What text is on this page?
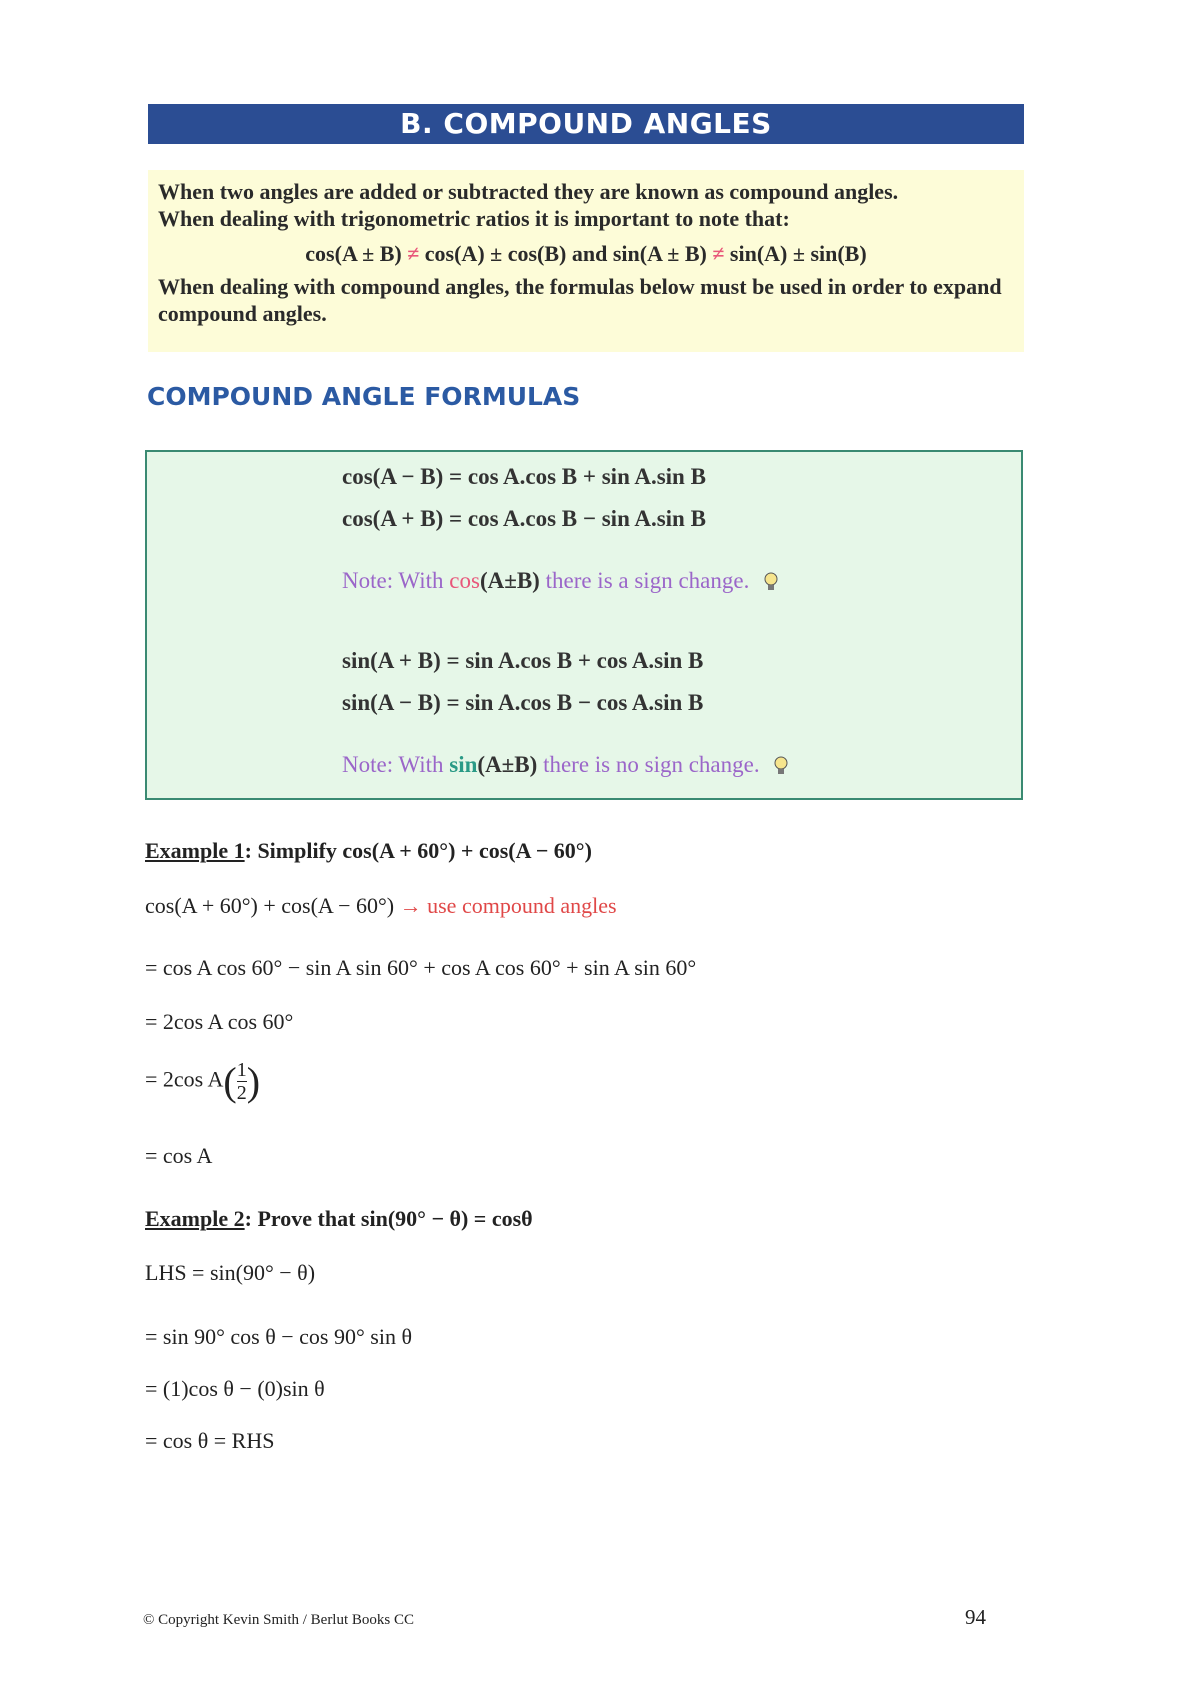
B. COMPOUND ANGLES

When two angles are added or subtracted they are known as compound angles.

When dealing with trigonometric ratios it is important to note that:

cos(A ± B) ≠ cos(A) ± cos(B) and sin(A ± B) ≠ sin(A) ± sin(B)

When dealing with compound angles, the formulas below must be used in order to expand compound angles.

COMPOUND ANGLE FORMULAS
cos(A − B) = cos A.cos B + sin A.sin B
cos(A + B) = cos A.cos B − sin A.sin B
Note: With cos(A±B) there is a sign change.
sin(A + B) = sin A.cos B + cos A.sin B
sin(A − B) = sin A.cos B − cos A.sin B
Note: With sin(A±B) there is no sign change.
Example 1: Simplify cos(A + 60°) + cos(A − 60°)
cos(A + 60°) + cos(A − 60°) → use compound angles
= cos A cos 60° − sin A sin 60° + cos A cos 60° + sin A sin 60°
= 2cos A cos 60°
= 2cos $A( \frac{1}{2}$ )
= cos A
Example 2: Prove that sin(90° − θ) = cosθ
LHS = sin(90° − θ)
= sin 90° cos θ − cos 90° sin θ
= (1)cos θ − (0)sin θ
= cos θ = RHS
© Copyright Kevin Smith / Berlut Books CC	94
